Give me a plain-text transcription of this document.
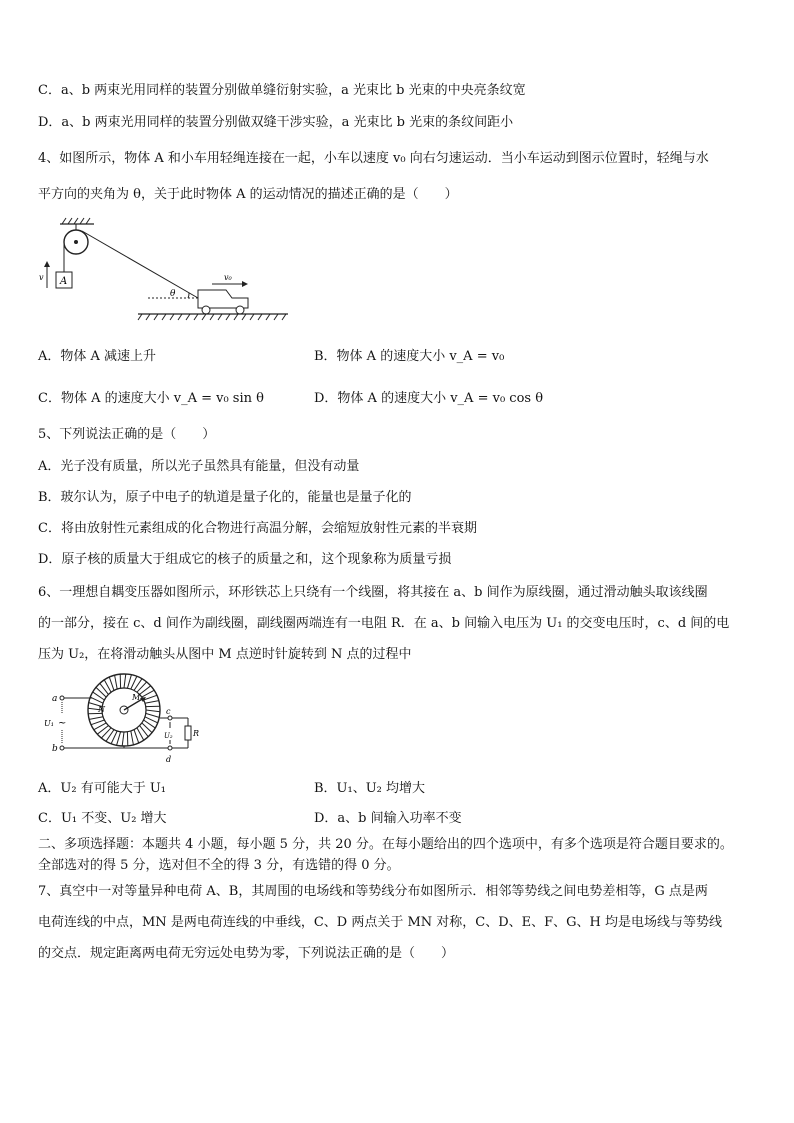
C．a、b 两束光用同样的装置分别做单缝衍射实验，a 光束比 b 光束的中央亮条纹宽
D．a、b 两束光用同样的装置分别做双缝干涉实验，a 光束比 b 光束的条纹间距小
4、如图所示，物体 A 和小车用轻绳连接在一起，小车以速度 v₀ 向右匀速运动．当小车运动到图示位置时，轻绳与水
平方向的夹角为 θ，关于此时物体 A 的运动情况的描述正确的是（　　）
A
v
θ
v₀
A．物体 A 减速上升	B．物体 A 的速度大小 v_A = v₀
C．物体 A 的速度大小 v_A = v₀ sin θ	D．物体 A 的速度大小 v_A = v₀ cos θ
5、下列说法正确的是（　　）
A．光子没有质量，所以光子虽然具有能量，但没有动量
B．玻尔认为，原子中电子的轨道是量子化的，能量也是量子化的
C．将由放射性元素组成的化合物进行高温分解，会缩短放射性元素的半衰期
D．原子核的质量大于组成它的核子的质量之和，这个现象称为质量亏损
6、一理想自耦变压器如图所示，环形铁芯上只绕有一个线圈，将其接在 a、b 间作为原线圈，通过滑动触头取该线圈
的一部分，接在 c、d 间作为副线圈，副线圈两端连有一电阻 R．在 a、b 间输入电压为 U₁ 的交变电压时，c、d 间的电
压为 U₂，在将滑动触头从图中 M 点逆时针旋转到 N 点的过程中
M
N
a
b
U₁ ~
c
d
U₂	R
A．U₂ 有可能大于 U₁	B．U₁、U₂ 均增大
C．U₁ 不变、U₂ 增大	D．a、b 间输入功率不变
二、多项选择题：本题共 4 小题，每小题 5 分，共 20 分。在每小题给出的四个选项中，有多个选项是符合题目要求的。
全部选对的得 5 分，选对但不全的得 3 分，有选错的得 0 分。
7、真空中一对等量异种电荷 A、B，其周围的电场线和等势线分布如图所示．相邻等势线之间电势差相等，G 点是两
电荷连线的中点，MN 是两电荷连线的中垂线，C、D 两点关于 MN 对称，C、D、E、F、G、H 均是电场线与等势线
的交点．规定距离两电荷无穷远处电势为零，下列说法正确的是（　　）
